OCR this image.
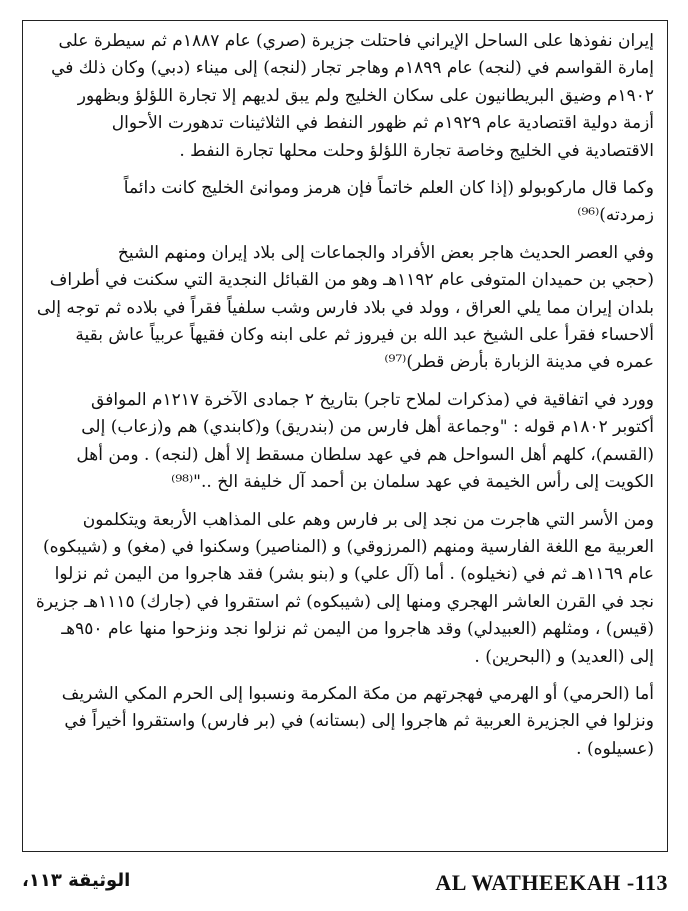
إيران نفوذها على الساحل الإيراني فاحتلت جزيرة (صري) عام ١٨٨٧م ثم سيطرة على
إمارة القواسم في (لنجه) عام ١٨٩٩م وهاجر تجار (لنجه) إلى ميناء (دبي) وكان ذلك في
١٩٠٢م وضيق البريطانيون على سكان الخليج ولم يبق لديهم إلا تجارة اللؤلؤ وبظهور
أزمة دولية اقتصادية عام ١٩٢٩م ثم ظهور النفط في الثلاثينات تدهورت الأحوال
الاقتصادية في الخليج وخاصة تجارة اللؤلؤ وحلت محلها تجارة النفط .
وكما قال ماركوبولو (إذا كان العلم خاتماً فإن هرمز وموانئ الخليج كانت دائماً
زمردته)⁽⁹⁶⁾
وفي العصر الحديث هاجر بعض الأفراد والجماعات إلى بلاد إيران ومنهم الشيخ
(حجي بن حميدان المتوفى عام ١١٩٢هـ وهو من القبائل النجدية التي سكنت في أطراف
بلدان إيران مما يلي العراق ، وولد في بلاد فارس وشب سلفياً فقراً في بلاده ثم توجه إلى
ألاحساء فقرأ على الشيخ عبد الله بن فيروز ثم على ابنه وكان فقيهاً عربياً عاش بقية
عمره في مدينة الزبارة بأرض قطر)⁽⁹⁷⁾
وورد في اتفاقية في (مذكرات لملاح تاجر) بتاريخ ٢ جمادى الآخرة ١٢١٧م الموافق
أكتوبر ١٨٠٢م قوله : "وجماعة أهل فارس من (بندريق) و(كابندي) هم و(زعاب) إلى
(القسم)، كلهم أهل السواحل هم في عهد سلطان مسقط إلا أهل (لنجه) . ومن أهل
الكويت إلى رأس الخيمة في عهد سلمان بن أحمد آل خليفة الخ .."⁽⁹⁸⁾
ومن الأسر التي هاجرت من نجد إلى بر فارس وهم على المذاهب الأربعة ويتكلمون
العربية مع اللغة الفارسية ومنهم (المرزوقي) و (المناصير) وسكنوا في (مغو) و (شيبكوه)
عام ١١٦٩هـ ثم في (نخيلوه) . أما (آل علي) و (بنو بشر) فقد هاجروا من اليمن ثم نزلوا
نجد في القرن العاشر الهجري ومنها إلى (شيبكوه) ثم استقروا في (جارك) ١١١٥هـ جزيرة
(قيس) ، ومثلهم (العبيدلي) وقد هاجروا من اليمن ثم نزلوا نجد ونزحوا منها عام ٩٥٠هـ
إلى (العديد) و (البحرين) .
أما (الحرمي) أو الهرمي فهجرتهم من مكة المكرمة ونسبوا إلى الحرم المكي الشريف
ونزلوا في الجزيرة العربية ثم هاجروا إلى (بستانه) في (بر فارس) واستقروا أخيراً في
(عسيلوه) .
الوثيقة ١١٣،	AL WATHEEKAH -113
